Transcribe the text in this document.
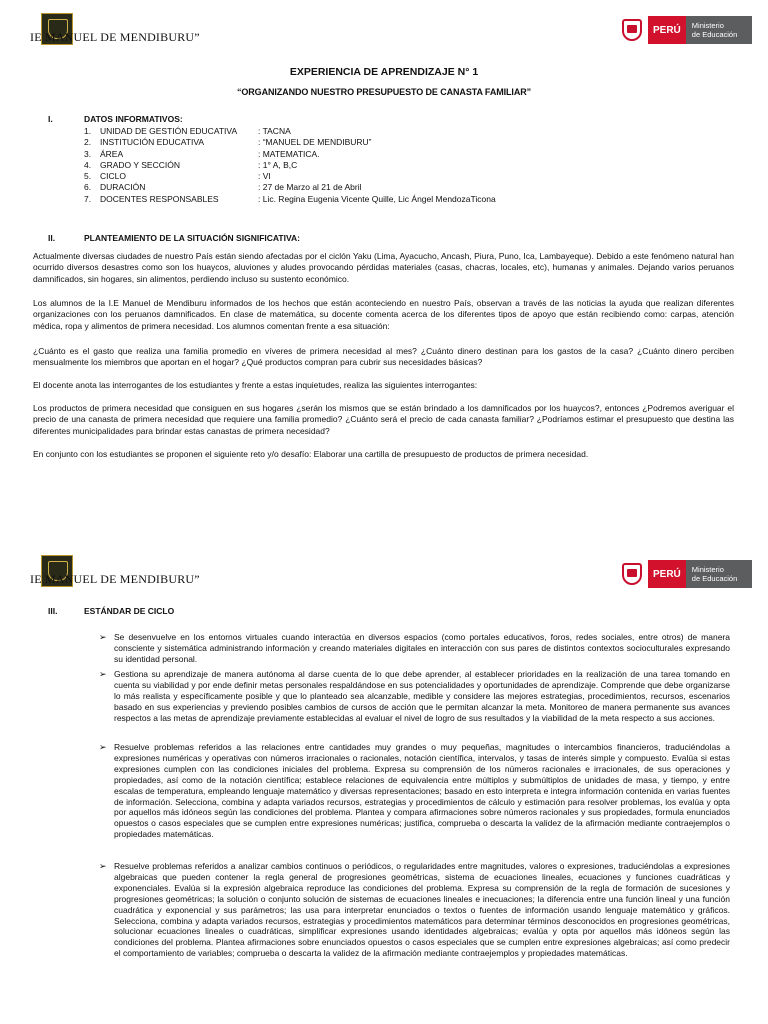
IE MANUEL DE MENDIBURU”	PERÚ	Ministerio
de Educación
EXPERIENCIA DE APRENDIZAJE N° 1
“ORGANIZANDO NUESTRO PRESUPUESTO DE CANASTA FAMILIAR”
I.	DATOS INFORMATIVOS:
1. UNIDAD DE GESTIÓN EDUCATIVA : TACNA
2. INSTITUCIÓN EDUCATIVA	: “MANUEL DE MENDIBURU”
3. ÁREA	: MATEMATICA.
4. GRADO Y SECCIÓN	: 1° A, B,C
5. CICLO	: VI
6. DURACIÓN	: 27 de Marzo al 21 de Abril
7. DOCENTES RESPONSABLES	: Lic. Regina Eugenia Vicente Quille, Lic Ángel MendozaTicona
II.	PLANTEAMIENTO DE LA SITUACIÓN SIGNIFICATIVA:
Actualmente diversas ciudades de nuestro País están siendo afectadas por el ciclón Yaku (Lima, Ayacucho, Ancash, Piura, Puno, Ica, Lambayeque). Debido a este fenómeno natural han ocurrido diversos desastres como son los huaycos, aluviones y aludes provocando pérdidas materiales (casas, chacras, locales, etc), humanas y animales. Dejando varios peruanos damnificados, sin hogares, sin alimentos, perdiendo incluso su sustento económico.
Los alumnos de la I.E Manuel de Mendiburu informados de los hechos que están aconteciendo en nuestro País, observan a través de las noticias la ayuda que realizan diferentes organizaciones con los peruanos damnificados. En clase de matemática, su docente comenta acerca de los diferentes tipos de apoyo que están recibiendo como: carpas, atención médica, ropa y alimentos de primera necesidad. Los alumnos comentan frente a esa situación:
¿Cuánto es el gasto que realiza una familia promedio en víveres de primera necesidad al mes? ¿Cuánto dinero destinan para los gastos de la casa? ¿Cuánto dinero perciben mensualmente los miembros que aportan en el hogar? ¿Qué productos compran para cubrir sus necesidades básicas?
El docente anota las interrogantes de los estudiantes y frente a estas inquietudes, realiza las siguientes interrogantes:
Los productos de primera necesidad que consiguen en sus hogares ¿serán los mismos que se están brindado a los damnificados por los huaycos?, entonces ¿Podremos averiguar el precio de una canasta de primera necesidad que requiere una familia promedio? ¿Cuánto será el precio de cada canasta familiar? ¿Podríamos estimar el presupuesto que destina las diferentes municipalidades para brindar estas canastas de primera necesidad?
En conjunto con los estudiantes se proponen el siguiente reto y/o desafío: Elaborar una cartilla de presupuesto de productos de primera necesidad.
IE MANUEL DE MENDIBURU”	PERÚ	Ministerio
de Educación
III.	ESTÁNDAR DE CICLO
➢ Se desenvuelve en los entornos virtuales cuando interactúa en diversos espacios (como portales educativos, foros, redes sociales, entre otros) de manera consciente y sistemática administrando información y creando materiales digitales en interacción con sus pares de distintos contextos socioculturales expresando su identidad personal.
➢ Gestiona su aprendizaje de manera autónoma al darse cuenta de lo que debe aprender, al establecer prioridades en la realización de una tarea tomando en cuenta su viabilidad y por ende definir metas personales respaldándose en sus potencialidades y oportunidades de aprendizaje. Comprende que debe organizarse lo más realista y específicamente posible y que lo planteado sea alcanzable, medible y considere las mejores estrategias, procedimientos, recursos, escenarios basado en sus experiencias y previendo posibles cambios de cursos de acción que le permitan alcanzar la meta. Monitoreo de manera permanente sus avances respectos a las metas de aprendizaje previamente establecidas al evaluar el nivel de logro de sus resultados y la viabilidad de la meta respecto a sus acciones.
➢ Resuelve problemas referidos a las relaciones entre cantidades muy grandes o muy pequeñas, magnitudes o intercambios financieros, traduciéndolas a expresiones numéricas y operativas con números irracionales o racionales, notación científica, intervalos, y tasas de interés simple y compuesto. Evalúa si estas expresiones cumplen con las condiciones iniciales del problema. Expresa su comprensión de los números racionales e irracionales, de sus operaciones y propiedades, así como de la notación científica; establece relaciones de equivalencia entre múltiplos y submúltiplos de unidades de masa, y tiempo, y entre escalas de temperatura, empleando lenguaje matemático y diversas representaciones; basado en esto interpreta e integra información contenida en varias fuentes de información. Selecciona, combina y adapta variados recursos, estrategias y procedimientos de cálculo y estimación para resolver problemas, los evalúa y opta por aquellos más idóneos según las condiciones del problema. Plantea y compara afirmaciones sobre números racionales y sus propiedades, formula enunciados opuestos o casos especiales que se cumplen entre expresiones numéricas; justifica, comprueba o descarta la validez de la afirmación mediante contraejemplos o propiedades matemáticas.
➢ Resuelve problemas referidos a analizar cambios continuos o periódicos, o regularidades entre magnitudes, valores o expresiones, traduciéndolas a expresiones algebraicas que pueden contener la regla general de progresiones geométricas, sistema de ecuaciones lineales, ecuaciones y funciones cuadráticas y exponenciales. Evalúa si la expresión algebraica reproduce las condiciones del problema. Expresa su comprensión de la regla de formación de sucesiones y progresiones geométricas; la solución o conjunto solución de sistemas de ecuaciones lineales e inecuaciones; la diferencia entre una función lineal y una función cuadrática y exponencial y sus parámetros; las usa para interpretar enunciados o textos o fuentes de información usando lenguaje matemático y gráficos. Selecciona, combina y adapta variados recursos, estrategias y procedimientos matemáticos para determinar términos desconocidos en progresiones geométricas, solucionar ecuaciones lineales o cuadráticas, simplificar expresiones usando identidades algebraicas; evalúa y opta por aquellos más idóneos según las condiciones del problema. Plantea afirmaciones sobre enunciados opuestos o casos especiales que se cumplen entre expresiones algebraicas; así como predecir el comportamiento de variables; comprueba o descarta la validez de la afirmación mediante contraejemplos y propiedades matemáticas.
